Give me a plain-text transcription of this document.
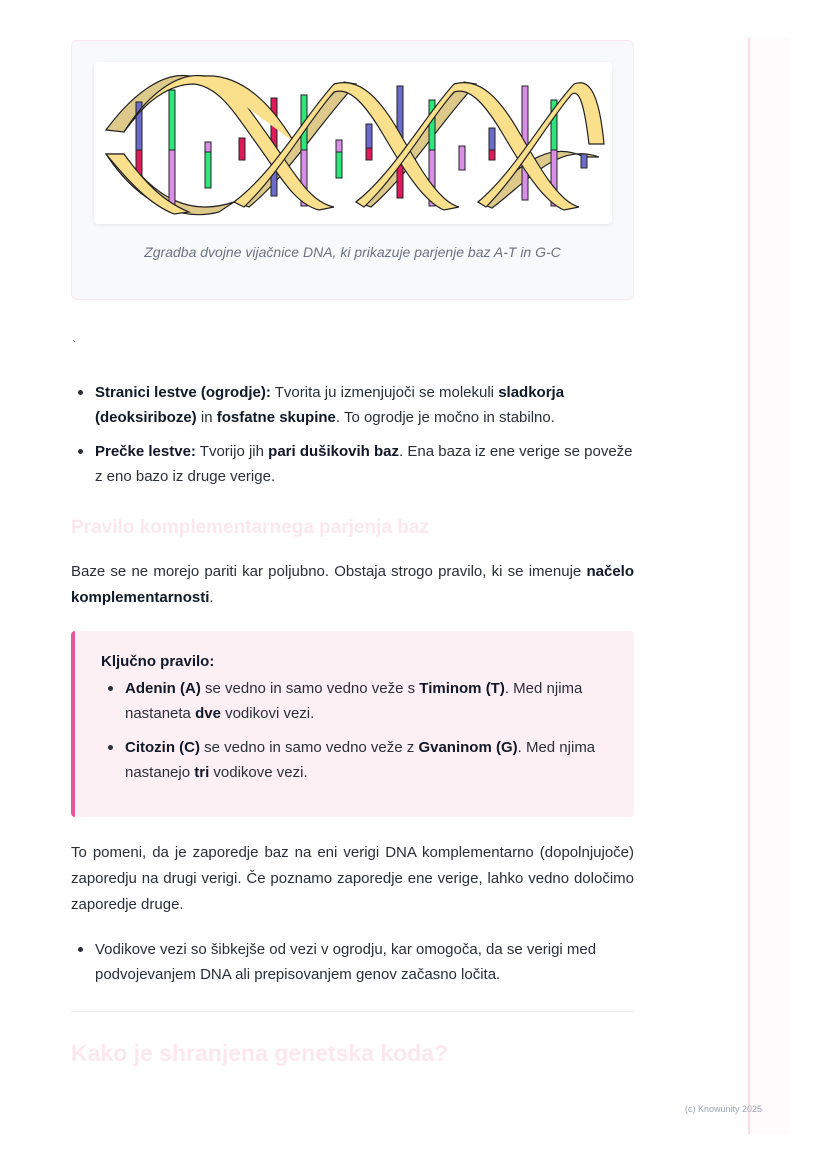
Zgradba dvojne vijačnice DNA, ki prikazuje parjenje baz A-T in G-C
`
Stranici lestve (ogrodje): Tvorita ju izmenjujoči se molekuli sladkorja (deoksiriboze) in fosfatne skupine. To ogrodje je močno in stabilno.
Prečke lestve: Tvorijo jih pari dušikovih baz. Ena baza iz ene verige se poveže z eno bazo iz druge verige.
Pravilo komplementarnega parjenja baz

Baze se ne morejo pariti kar poljubno. Obstaja strogo pravilo, ki se imenuje načelo komplementarnosti.

Ključno pravilo:
Adenin (A) se vedno in samo vedno veže s Timinom (T). Med njima nastaneta dve vodikovi vezi.
Citozin (C) se vedno in samo vedno veže z Gvaninom (G). Med njima nastanejo tri vodikove vezi.

To pomeni, da je zaporedje baz na eni verigi DNA komplementarno (dopolnjujoče) zaporedju na drugi verigi. Če poznamo zaporedje ene verige, lahko vedno določimo zaporedje druge.

Vodikove vezi so šibkejše od vezi v ogrodju, kar omogoča, da se verigi med podvojevanjem DNA ali prepisovanjem genov začasno ločita.
Kako je shranjena genetska koda?
(c) Knowunity 2025
